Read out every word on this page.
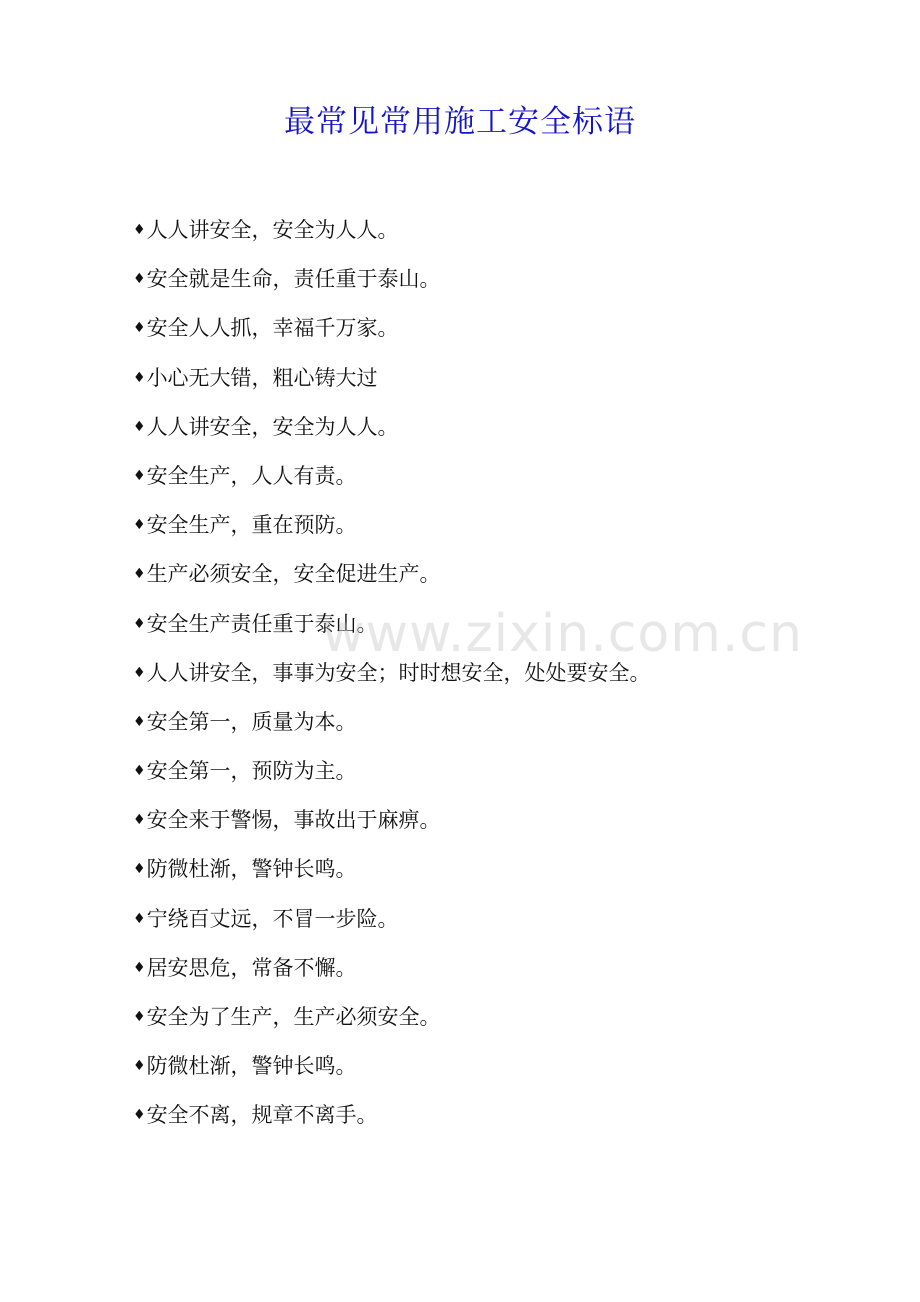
最常见常用施工安全标语
♦ 人人讲安全，安全为人人。
♦ 安全就是生命，责任重于泰山。
♦ 安全人人抓，幸福千万家。
♦ 小心无大错，粗心铸大过
♦ 人人讲安全，安全为人人。
♦ 安全生产，人人有责。
♦ 安全生产，重在预防。
♦ 生产必须安全，安全促进生产。
♦ 安全生产责任重于泰山。
♦ 人人讲安全，事事为安全；时时想安全，处处要安全。
♦ 安全第一，质量为本。
♦ 安全第一，预防为主。
♦ 安全来于警惕，事故出于麻痹。
♦ 防微杜渐，警钟长鸣。
♦ 宁绕百丈远，不冒一步险。
♦ 居安思危，常备不懈。
♦ 安全为了生产，生产必须安全。
♦ 防微杜渐，警钟长鸣。
♦ 安全不离，规章不离手。
www.zixin.com.cn
